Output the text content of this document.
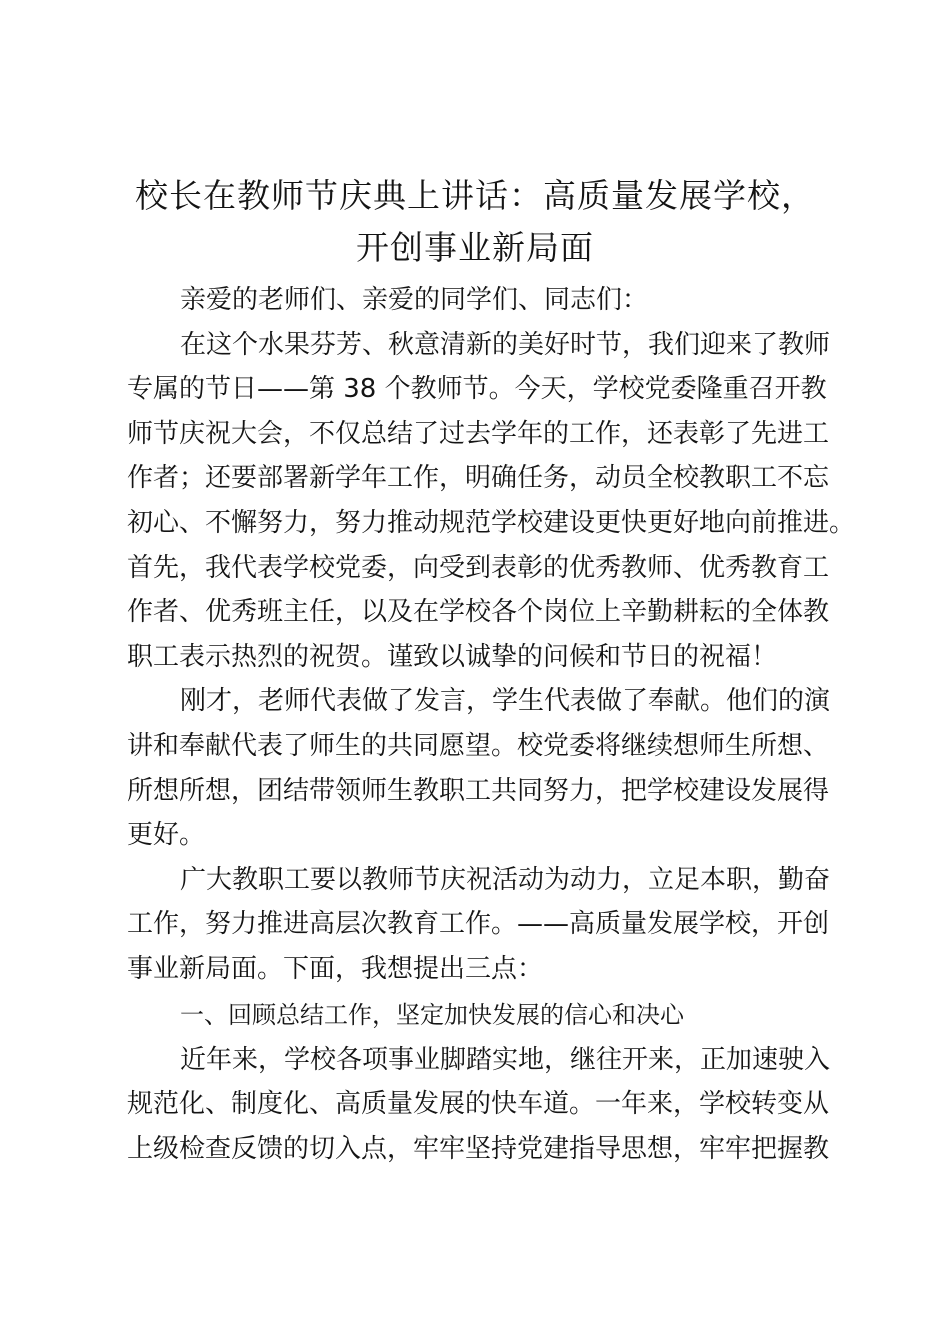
校长在教师节庆典上讲话：高质量发展学校，
开创事业新局面

亲爱的老师们、亲爱的同学们、同志们：

在这个水果芬芳、秋意清新的美好时节，我们迎来了教师
专属的节日——第 38 个教师节。今天，学校党委隆重召开教
师节庆祝大会，不仅总结了过去学年的工作，还表彰了先进工
作者；还要部署新学年工作，明确任务，动员全校教职工不忘
初心、不懈努力，努力推动规范学校建设更快更好地向前推进。
首先，我代表学校党委，向受到表彰的优秀教师、优秀教育工
作者、优秀班主任，以及在学校各个岗位上辛勤耕耘的全体教
职工表示热烈的祝贺。谨致以诚挚的问候和节日的祝福！

刚才，老师代表做了发言，学生代表做了奉献。他们的演
讲和奉献代表了师生的共同愿望。校党委将继续想师生所想、
所想所想，团结带领师生教职工共同努力，把学校建设发展得
更好。

广大教职工要以教师节庆祝活动为动力，立足本职，勤奋
工作，努力推进高层次教育工作。——高质量发展学校，开创
事业新局面。下面，我想提出三点：

一、回顾总结工作，坚定加快发展的信心和决心

近年来，学校各项事业脚踏实地，继往开来，正加速驶入
规范化、制度化、高质量发展的快车道。一年来，学校转变从
上级检查反馈的切入点，牢牢坚持党建指导思想，牢牢把握教
